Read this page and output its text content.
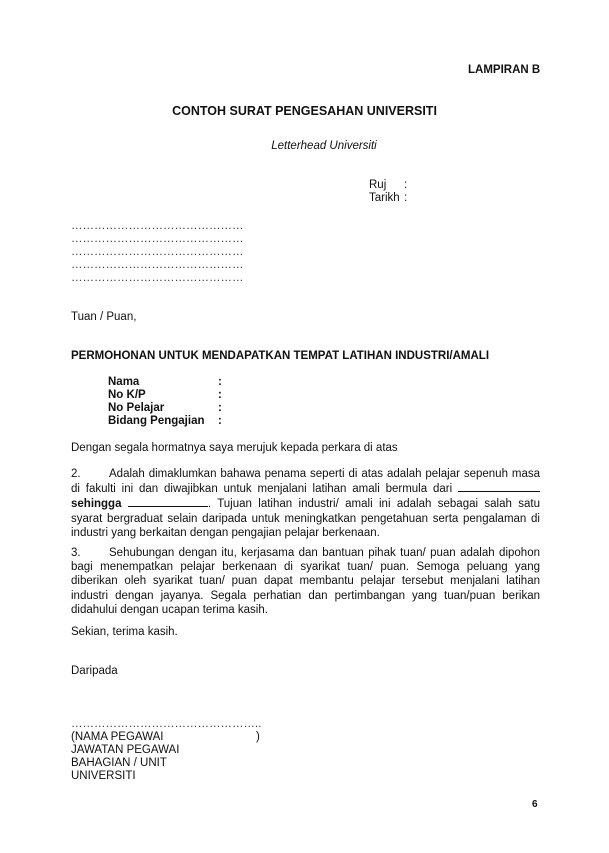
LAMPIRAN B
CONTOH SURAT PENGESAHAN UNIVERSITI
Letterhead Universiti
Ruj :
Tarikh :
………………………………………
………………………………………
………………………………………
………………………………………
………………………………………
Tuan / Puan,
PERMOHONAN UNTUK MENDAPATKAN TEMPAT LATIHAN INDUSTRI/AMALI
Nama	:
No K/P	:
No Pelajar	:
Bidang Pengajian :
Dengan segala hormatnya saya merujuk kepada perkara di atas
2. Adalah dimaklumkan bahawa penama seperti di atas adalah pelajar sepenuh masa di fakulti ini dan diwajibkan untuk menjalani latihan amali bermula dari  sehingga	. Tujuan latihan industri/ amali ini adalah sebagai salah satu syarat bergraduat selain daripada untuk meningkatkan pengetahuan serta pengalaman di industri yang berkaitan dengan pengajian pelajar berkenaan.
3. Sehubungan dengan itu, kerjasama dan bantuan pihak tuan/ puan adalah dipohon bagi menempatkan pelajar berkenaan di syarikat tuan/ puan. Semoga peluang yang diberikan oleh syarikat tuan/ puan dapat membantu pelajar tersebut menjalani latihan industri dengan jayanya. Segala perhatian dan pertimbangan yang tuan/puan berikan didahului dengan ucapan terima kasih.
Sekian, terima kasih.
Daripada
…………………………………………..
(NAMA PEGAWAI	)
JAWATAN PEGAWAI
BAHAGIAN / UNIT
UNIVERSITI
6
